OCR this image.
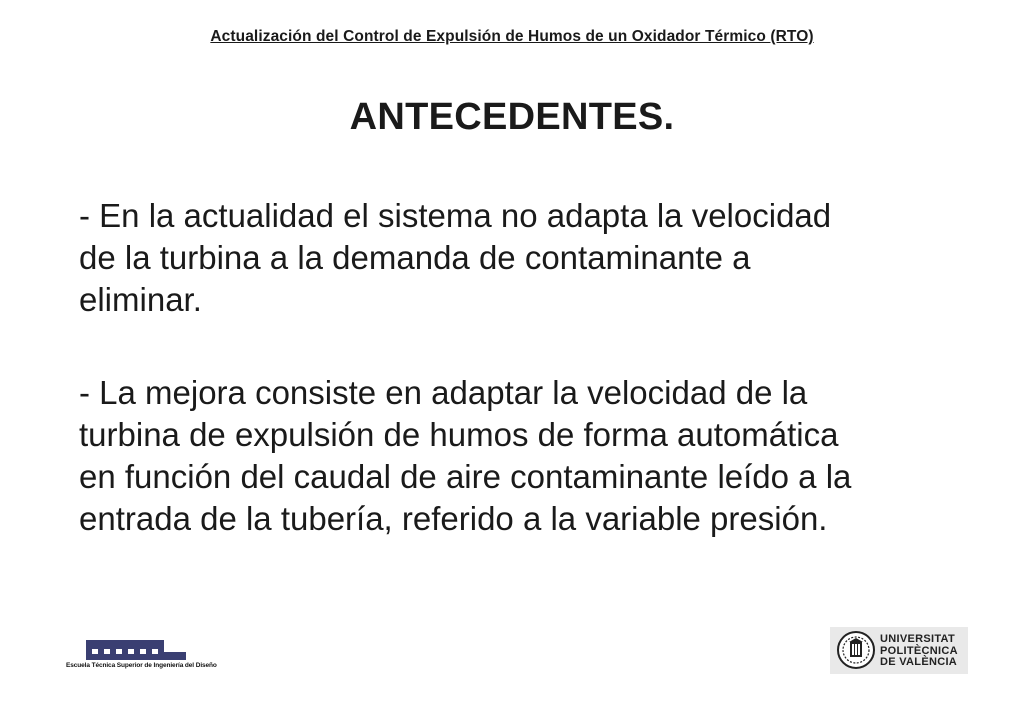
Actualización del Control de Expulsión de Humos de un Oxidador Térmico (RTO)
ANTECEDENTES.
- En la actualidad el sistema no adapta la velocidad
de la turbina a la demanda de contaminante a
eliminar.
- La mejora consiste en adaptar la velocidad de la
turbina de expulsión de humos de forma automática
en función del caudal de aire contaminante leído a la
entrada de la tubería, referido a la variable presión.
Escuela Técnica Superior de Ingeniería del Diseño
UNIVERSITAT
POLITÈCNICA
DE VALÈNCIA
